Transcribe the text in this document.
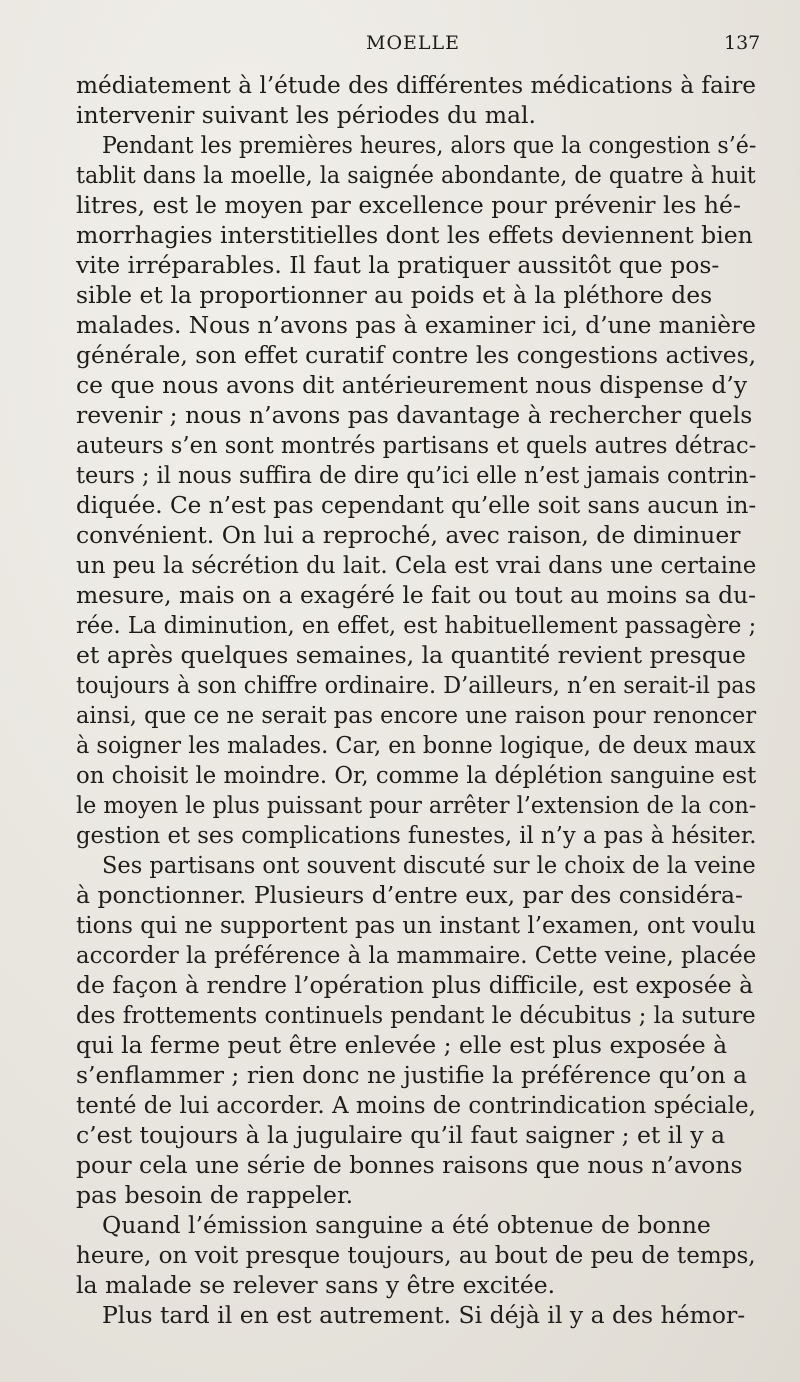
MOELLE	137
médiatement à l’étude des différentes médications à faire
intervenir suivant les périodes du mal.
Pendant les premières heures, alors que la congestion s’é-
tablit dans la moelle, la saignée abondante, de quatre à huit
litres, est le moyen par excellence pour prévenir les hé-
morrhagies interstitielles dont les effets deviennent bien
vite irréparables. Il faut la pratiquer aussitôt que pos-
sible et la proportionner au poids et à la pléthore des
malades. Nous n’avons pas à examiner ici, d’une manière
générale, son effet curatif contre les congestions actives,
ce que nous avons dit antérieurement nous dispense d’y
revenir ; nous n’avons pas davantage à rechercher quels
auteurs s’en sont montrés partisans et quels autres détrac-
teurs ; il nous suffira de dire qu’ici elle n’est jamais contrin-
diquée. Ce n’est pas cependant qu’elle soit sans aucun in-
convénient. On lui a reproché, avec raison, de diminuer
un peu la sécrétion du lait. Cela est vrai dans une certaine
mesure, mais on a exagéré le fait ou tout au moins sa du-
rée. La diminution, en effet, est habituellement passagère ;
et après quelques semaines, la quantité revient presque
toujours à son chiffre ordinaire. D’ailleurs, n’en serait-il pas
ainsi, que ce ne serait pas encore une raison pour renoncer
à soigner les malades. Car, en bonne logique, de deux maux
on choisit le moindre. Or, comme la déplétion sanguine est
le moyen le plus puissant pour arrêter l’extension de la con-
gestion et ses complications funestes, il n’y a pas à hésiter.
Ses partisans ont souvent discuté sur le choix de la veine
à ponctionner. Plusieurs d’entre eux, par des considéra-
tions qui ne supportent pas un instant l’examen, ont voulu
accorder la préférence à la mammaire. Cette veine, placée
de façon à rendre l’opération plus difficile, est exposée à
des frottements continuels pendant le décubitus ; la suture
qui la ferme peut être enlevée ; elle est plus exposée à
s’enflammer ; rien donc ne justifie la préférence qu’on a
tenté de lui accorder. A moins de contrindication spéciale,
c’est toujours à la jugulaire qu’il faut saigner ; et il y a
pour cela une série de bonnes raisons que nous n’avons
pas besoin de rappeler.
Quand l’émission sanguine a été obtenue de bonne
heure, on voit presque toujours, au bout de peu de temps,
la malade se relever sans y être excitée.
Plus tard il en est autrement. Si déjà il y a des hémor-
